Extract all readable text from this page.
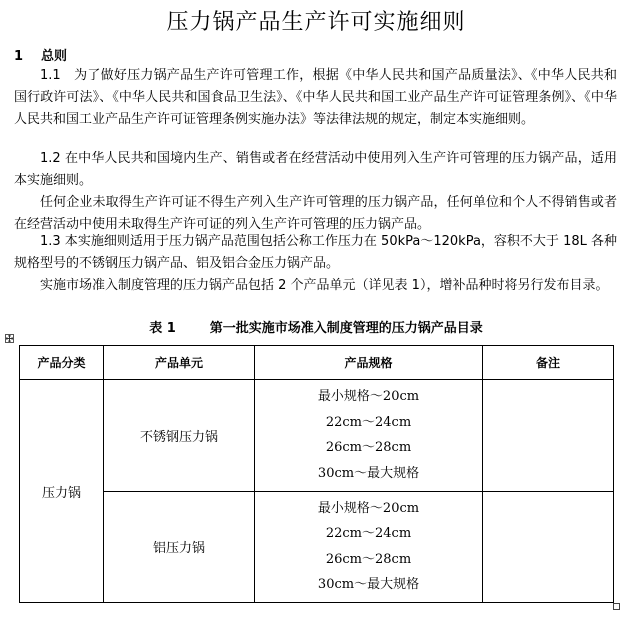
压力锅产品生产许可实施细则
1 总则
1.1　为了做好压力锅产品生产许可管理工作，根据《中华人民共和国产品质量法》、《中华人民共和国行政许可法》、《中华人民共和国食品卫生法》、《中华人民共和国工业产品生产许可证管理条例》、《中华人民共和国工业产品生产许可证管理条例实施办法》等法律法规的规定，制定本实施细则。
1.2 在中华人民共和国境内生产、销售或者在经营活动中使用列入生产许可管理的压力锅产品，适用本实施细则。
任何企业未取得生产许可证不得生产列入生产许可管理的压力锅产品，任何单位和个人不得销售或者在经营活动中使用未取得生产许可证的列入生产许可管理的压力锅产品。
1.3 本实施细则适用于压力锅产品范围包括公称工作压力在 50kPa～120kPa，容积不大于 18L 各种规格型号的不锈钢压力锅产品、铝及铝合金压力锅产品。
实施市场准入制度管理的压力锅产品包括 2 个产品单元（详见表 1），增补品种时将另行发布目录。
表 1	第一批实施市场准入制度管理的压力锅产品目录
产品分类	产品单元	产品规格	备注
压力锅	不锈钢压力锅	最小规格～20cm
22cm～24cm
26cm～28cm
30cm～最大规格	

	铝压力锅	最小规格～20cm
22cm～24cm
26cm～28cm
30cm～最大规格	
